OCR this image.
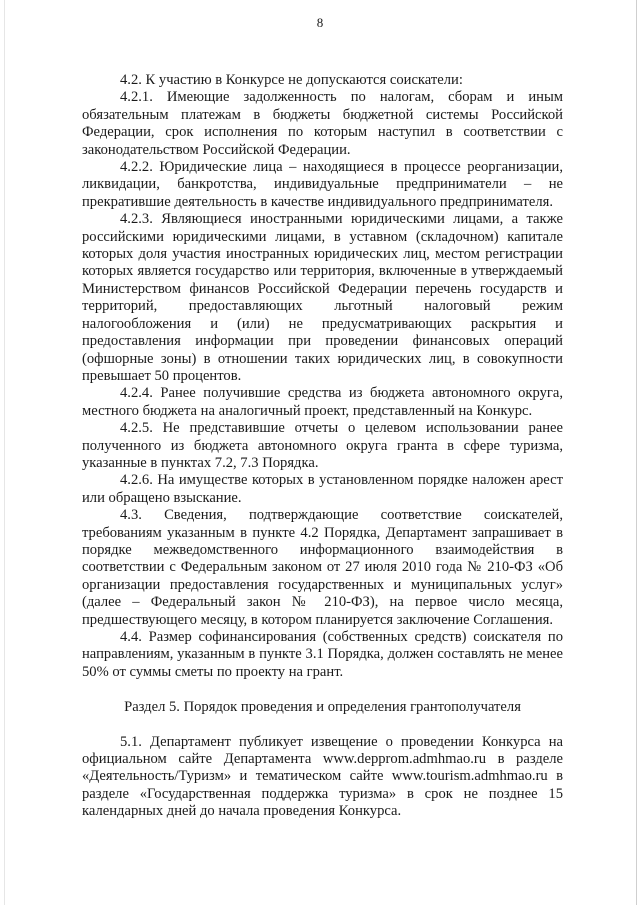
8

4.2. К участию в Конкурсе не допускаются соискатели:

4.2.1. Имеющие задолженность по налогам, сборам и иным обязательным платежам в бюджеты бюджетной системы Российской Федерации, срок исполнения по которым наступил в соответствии с законодательством Российской Федерации.

4.2.2. Юридические лица – находящиеся в процессе реорганизации, ликвидации, банкротства, индивидуальные предприниматели – не прекратившие деятельность в качестве индивидуального предпринимателя.

4.2.3. Являющиеся иностранными юридическими лицами, а также российскими юридическими лицами, в уставном (складочном) капитале которых доля участия иностранных юридических лиц, местом регистрации которых является государство или территория, включенные в утверждаемый Министерством финансов Российской Федерации перечень государств и территорий, предоставляющих льготный налоговый режим налогообложения и (или) не предусматривающих раскрытия и предоставления информации при проведении финансовых операций (офшорные зоны) в отношении таких юридических лиц, в совокупности превышает 50 процентов.

4.2.4. Ранее получившие средства из бюджета автономного округа, местного бюджета на аналогичный проект, представленный на Конкурс.

4.2.5. Не представившие отчеты о целевом использовании ранее полученного из бюджета автономного округа гранта в сфере туризма, указанные в пунктах 7.2, 7.3 Порядка.

4.2.6. На имуществе которых в установленном порядке наложен арест или обращено взыскание.

4.3. Сведения, подтверждающие соответствие соискателей, требованиям указанным в пункте 4.2 Порядка, Департамент запрашивает в порядке межведомственного информационного взаимодействия в соответствии с Федеральным законом от 27 июля 2010 года № 210-ФЗ «Об организации предоставления государственных и муниципальных услуг» (далее – Федеральный закон № 210-ФЗ), на первое число месяца, предшествующего месяцу, в котором планируется заключение Соглашения.

4.4. Размер софинансирования (собственных средств) соискателя по направлениям, указанным в пункте 3.1 Порядка, должен составлять не менее 50% от суммы сметы по проекту на грант.

Раздел 5. Порядок проведения и определения грантополучателя

5.1. Департамент публикует извещение о проведении Конкурса на официальном сайте Департамента www.depprom.admhmao.ru в разделе «Деятельность/Туризм» и тематическом сайте www.tourism.admhmao.ru в разделе «Государственная поддержка туризма» в срок не позднее 15 календарных дней до начала проведения Конкурса.
